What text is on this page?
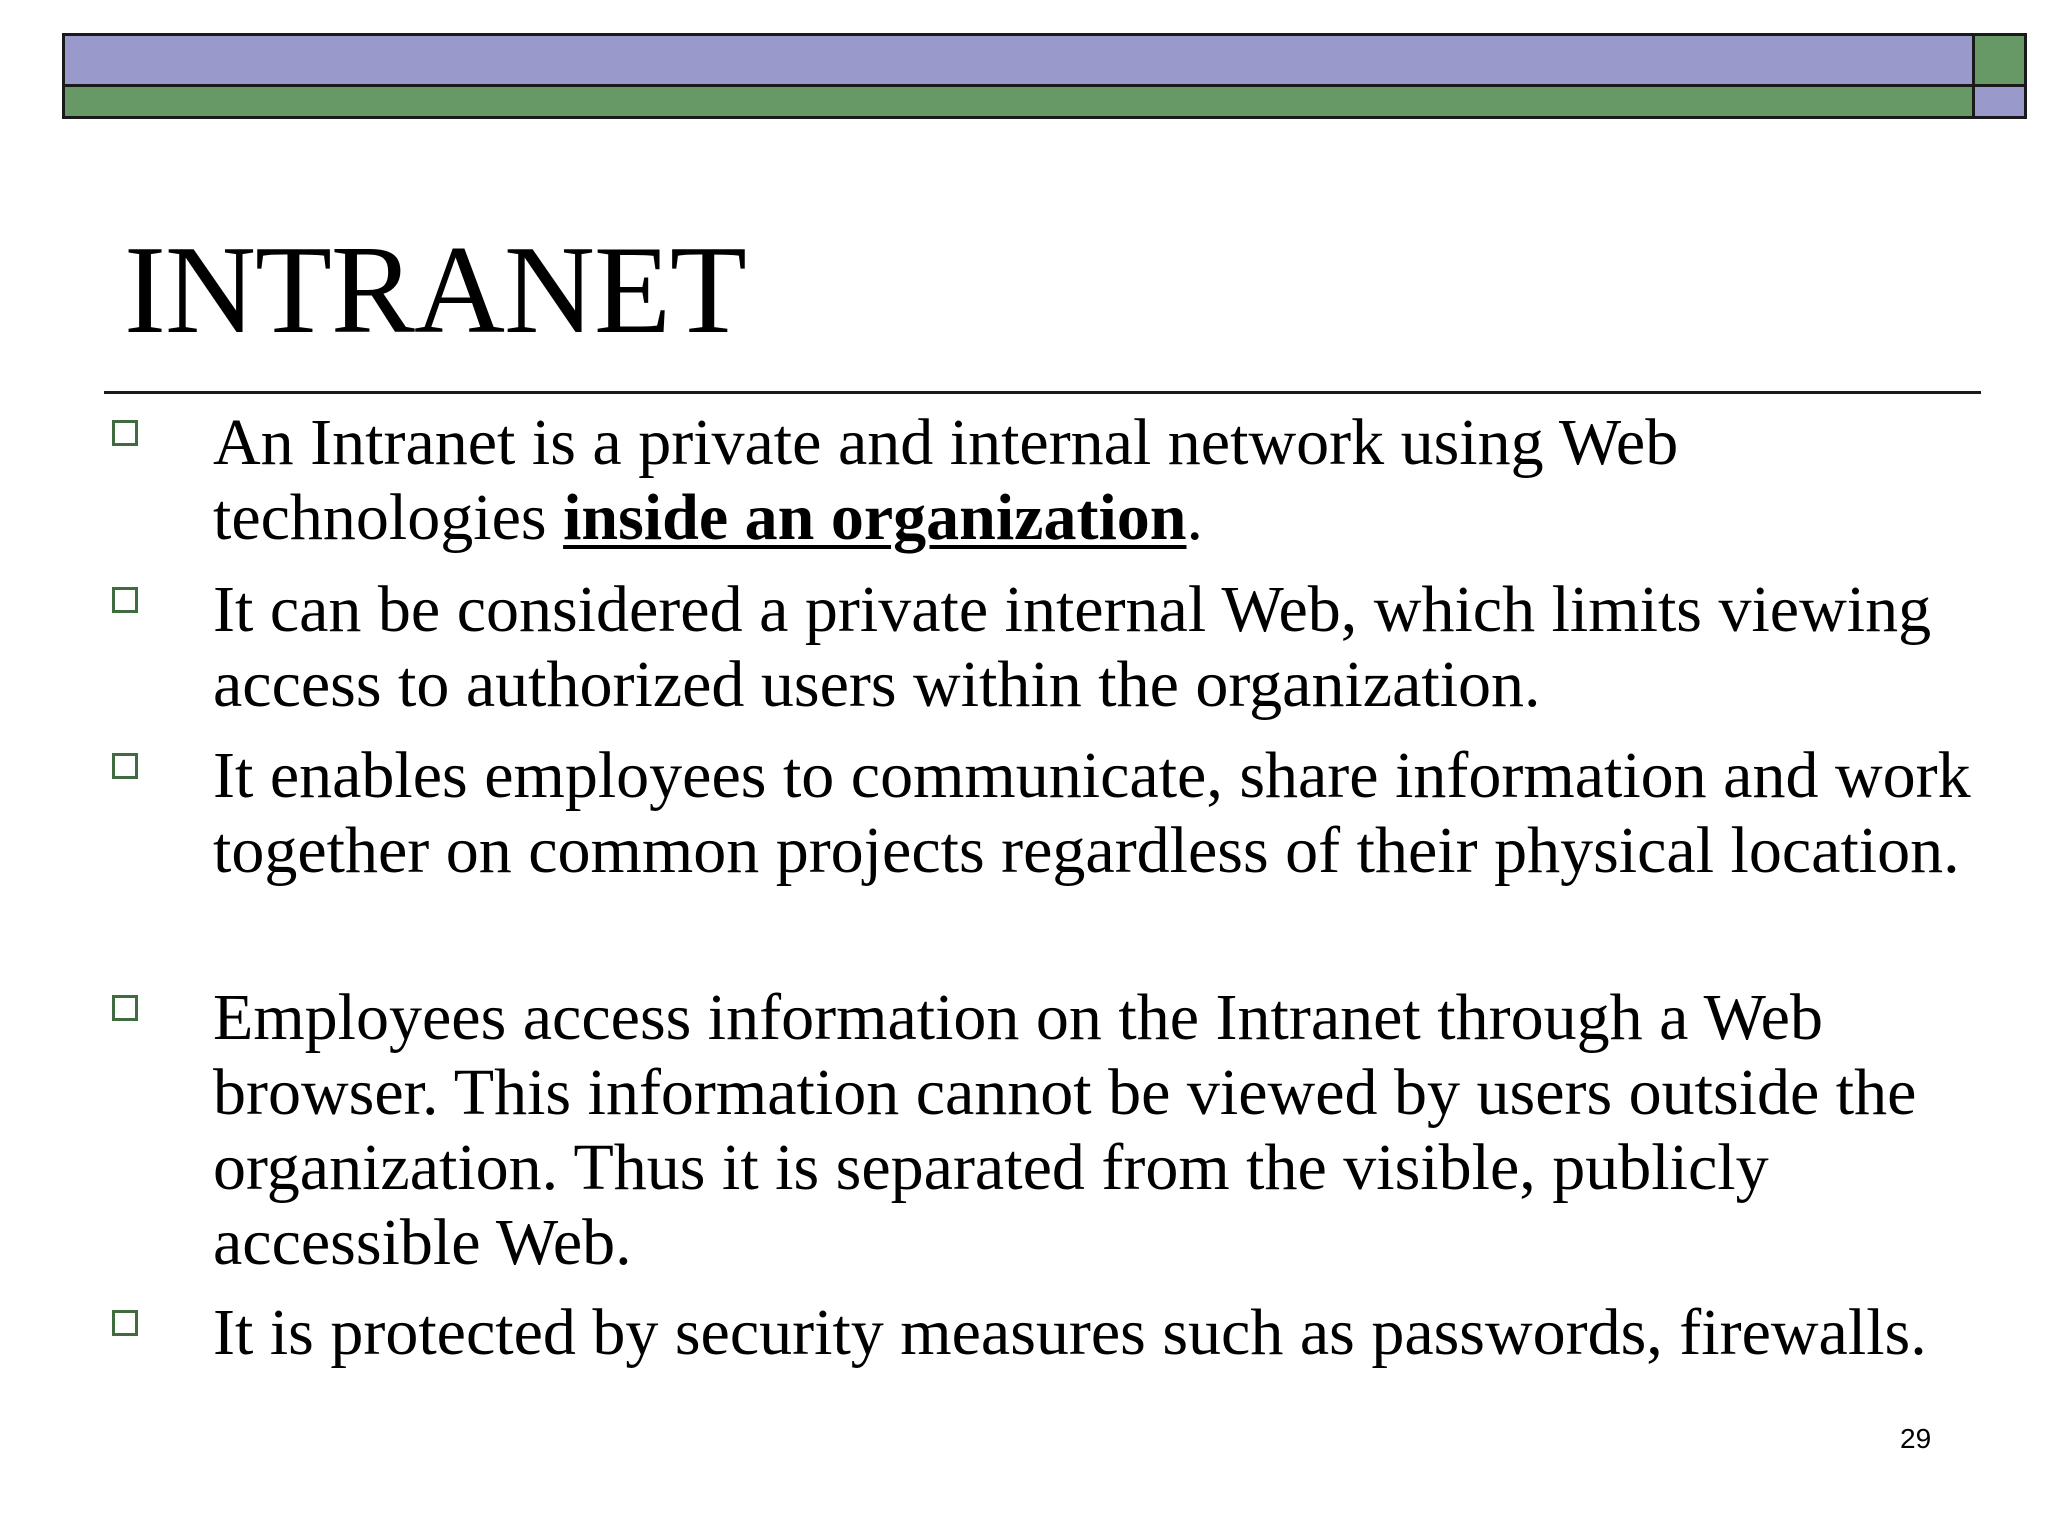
INTRANET

An Intranet is a private and internal network using Web technologies inside an organization.

It can be considered a private internal Web, which limits viewing access to authorized users within the organization.

It enables employees to communicate, share information and work together on common projects regardless of their physical location.

Employees access information on the Intranet through a Web browser. This information cannot be viewed by users outside the organization. Thus it is separated from the visible, publicly accessible Web.

It is protected by security measures such as passwords, firewalls.

29
